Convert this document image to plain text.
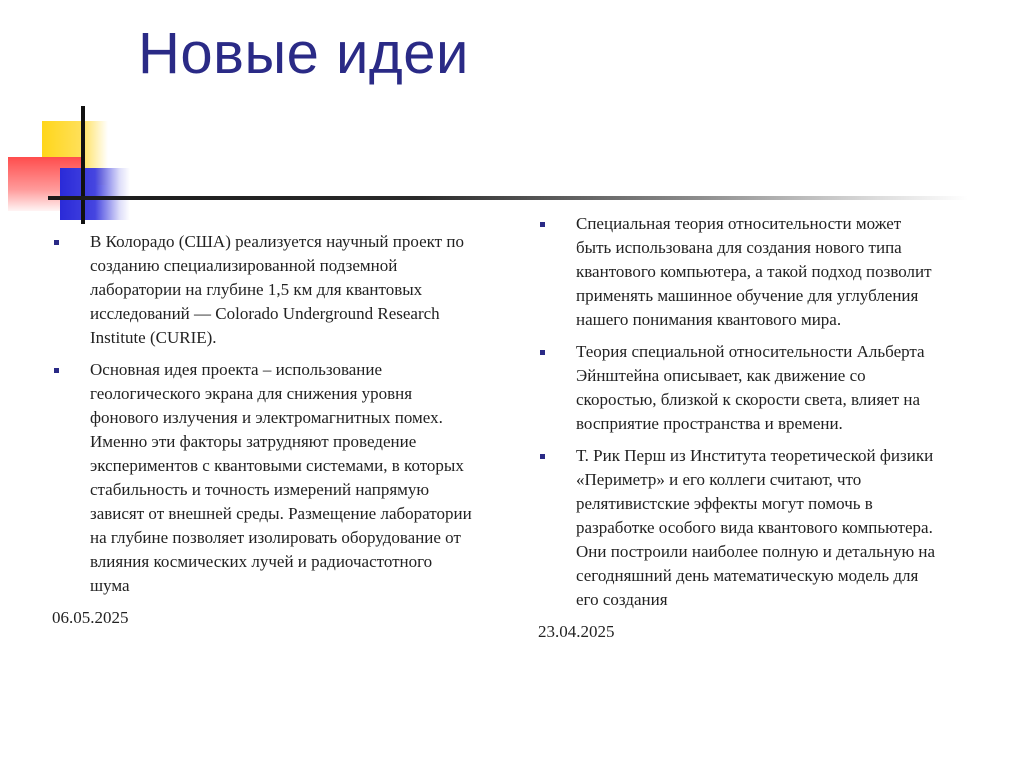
Новые идеи
В Колорадо (США) реализуется научный проект по созданию специализированной подземной лаборатории на глубине 1,5 км для квантовых исследований — Colorado Underground Research Institute (CURIE).
Основная идея проекта – использование геологического экрана для снижения уровня фонового излучения и электромагнитных помех. Именно эти факторы затрудняют проведение экспериментов с квантовыми системами, в которых стабильность и точность измерений напрямую зависят от внешней среды. Размещение лаборатории на глубине позволяет изолировать оборудование от влияния космических лучей и радиочастотного шума
06.05.2025
Специальная теория относительности может быть использована для создания нового типа квантового компьютера, а такой подход позволит применять машинное обучение для углубления нашего понимания квантового мира.
Теория специальной относительности Альберта Эйнштейна описывает, как движение со скоростью, близкой к скорости света, влияет на восприятие пространства и времени.
Т. Рик Перш из Института теоретической физики «Периметр» и его коллеги считают, что релятивистские эффекты могут помочь в разработке особого вида квантового компьютера. Они построили наиболее полную и детальную на сегодняшний день математическую модель для его создания
23.04.2025
